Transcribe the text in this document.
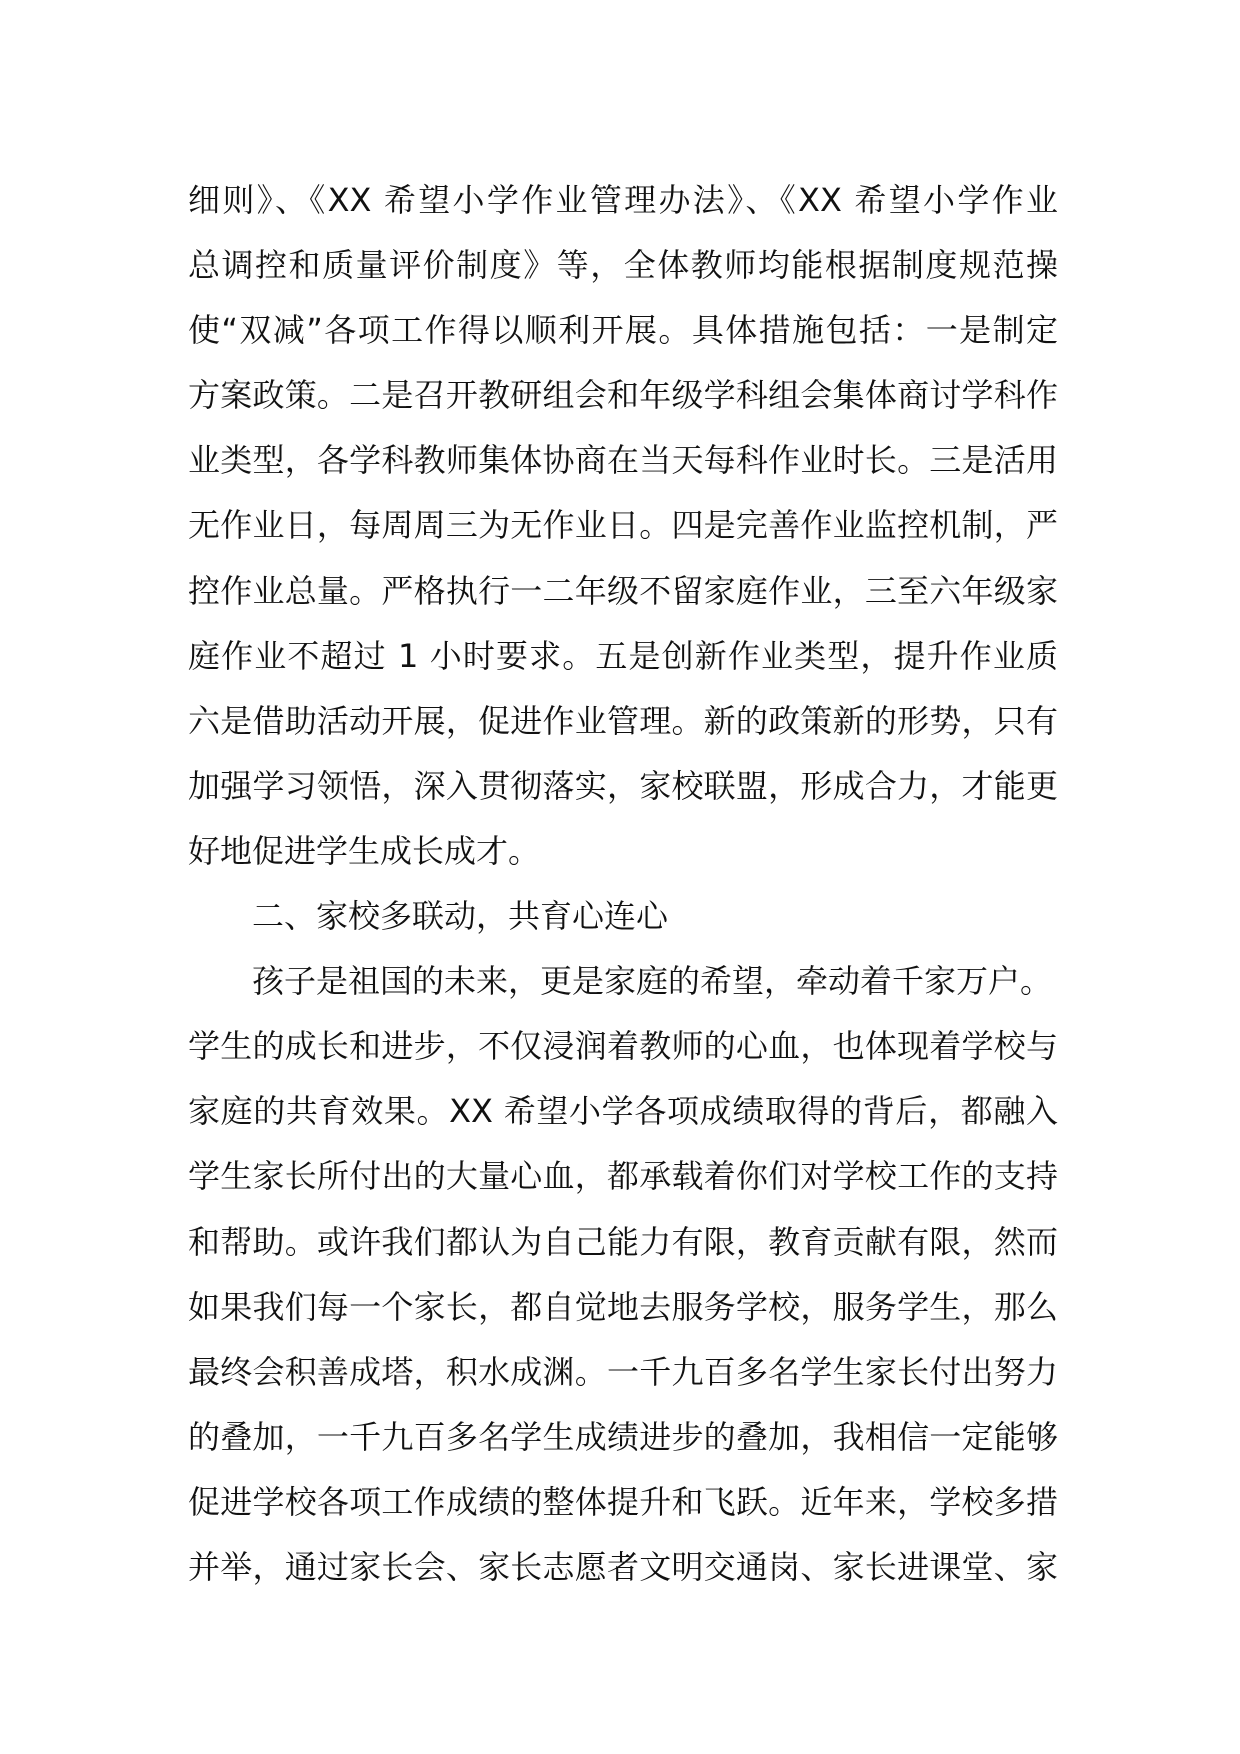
细则》、《XX 希望小学作业管理办法》、《XX 希望小学作业
总调控和质量评价制度》等，全体教师均能根据制度规范操
使“双减”各项工作得以顺利开展。具体措施包括：一是制定
方案政策。二是召开教研组会和年级学科组会集体商讨学科作
业类型，各学科教师集体协商在当天每科作业时长。三是活用
无作业日，每周周三为无作业日。四是完善作业监控机制，严
控作业总量。严格执行一二年级不留家庭作业，三至六年级家
庭作业不超过 1 小时要求。五是创新作业类型，提升作业质
六是借助活动开展，促进作业管理。新的政策新的形势，只有
加强学习领悟，深入贯彻落实，家校联盟，形成合力，才能更
好地促进学生成长成才。
二、家校多联动，共育心连心
孩子是祖国的未来，更是家庭的希望，牵动着千家万户。
学生的成长和进步，不仅浸润着教师的心血，也体现着学校与
家庭的共育效果。XX 希望小学各项成绩取得的背后，都融入
学生家长所付出的大量心血，都承载着你们对学校工作的支持
和帮助。或许我们都认为自己能力有限，教育贡献有限，然而
如果我们每一个家长，都自觉地去服务学校，服务学生，那么
最终会积善成塔，积水成渊。一千九百多名学生家长付出努力
的叠加，一千九百多名学生成绩进步的叠加，我相信一定能够
促进学校各项工作成绩的整体提升和飞跃。近年来，学校多措
并举，通过家长会、家长志愿者文明交通岗、家长进课堂、家
